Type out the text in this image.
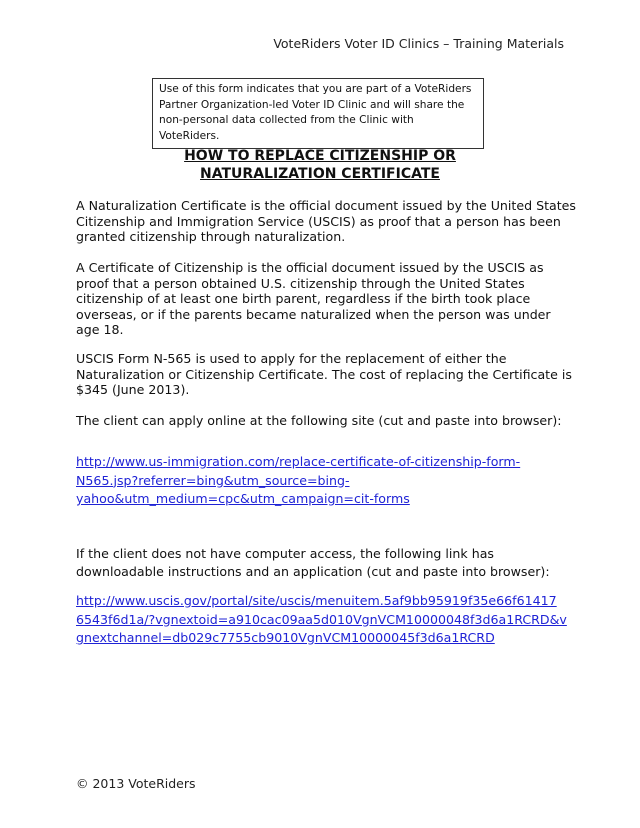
VoteRiders Voter ID Clinics – Training Materials
Use of this form indicates that you are part of a VoteRiders
Partner Organization-led Voter ID Clinic and will share the
non-personal data collected from the Clinic with VoteRiders.
HOW TO REPLACE CITIZENSHIP OR
NATURALIZATION CERTIFICATE

A Naturalization Certificate is the official document issued by the United States Citizenship and Immigration Service (USCIS) as proof that a person has been granted citizenship through naturalization.

A Certificate of Citizenship is the official document issued by the USCIS as proof that a person obtained U.S. citizenship through the United States citizenship of at least one birth parent, regardless if the birth took place overseas, or if the parents became naturalized when the person was under age 18.

USCIS Form N-565 is used to apply for the replacement of either the Naturalization or Citizenship Certificate. The cost of replacing the Certificate is $345 (June 2013).

The client can apply online at the following site (cut and paste into browser):

http://www.us-immigration.com/replace-certificate-of-citizenship-form-
N565.jsp?referrer=bing&utm_source=bing-
yahoo&utm_medium=cpc&utm_campaign=cit-forms

If the client does not have computer access, the following link has downloadable instructions and an application (cut and paste into browser):

http://www.uscis.gov/portal/site/uscis/menuitem.5af9bb95919f35e66f61417
6543f6d1a/?vgnextoid=a910cac09aa5d010VgnVCM10000048f3d6a1RCRD&v
gnextchannel=db029c7755cb9010VgnVCM10000045f3d6a1RCRD
© 2013 VoteRiders
